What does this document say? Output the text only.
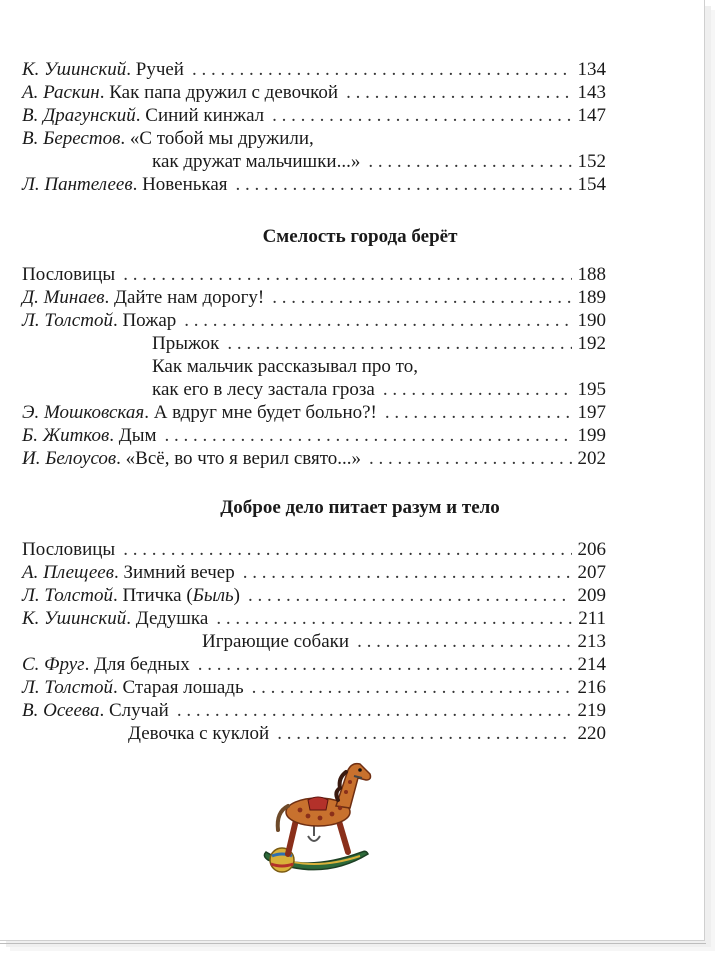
К. Ушинский. Ручей . . .	134
А. Раскин. Как папа дружил с девочкой . . .	143
В. Драгунский. Синий кинжал . . .	147
В. Берестов. «С тобой мы дружили,
как дружат мальчишки...» . . .	152
Л. Пантелеев. Новенькая . . .	154
Смелость города берёт
Пословицы . . .	188
Д. Минаев. Дайте нам дорогу! . . .	189
Л. Толстой. Пожар . . .	190
Прыжок . . .	192
Как мальчик рассказывал про то,
как его в лесу застала гроза . . .	195
Э. Мошковская. А вдруг мне будет больно?! . . .	197
Б. Житков. Дым . . .	199
И. Белоусов. «Всё, во что я верил свято...» . . .	202
Доброе дело питает разум и тело
Пословицы . . .	206
А. Плещеев. Зимний вечер . . .	207
Л. Толстой. Птичка (Быль) . . .	209
К. Ушинский. Дедушка . . .	211
Играющие собаки . . .	213
С. Фруг. Для бедных . . .	214
Л. Толстой. Старая лошадь . . .	216
В. Осеева. Случай . . .	219
Девочка с куклой . . .	220
